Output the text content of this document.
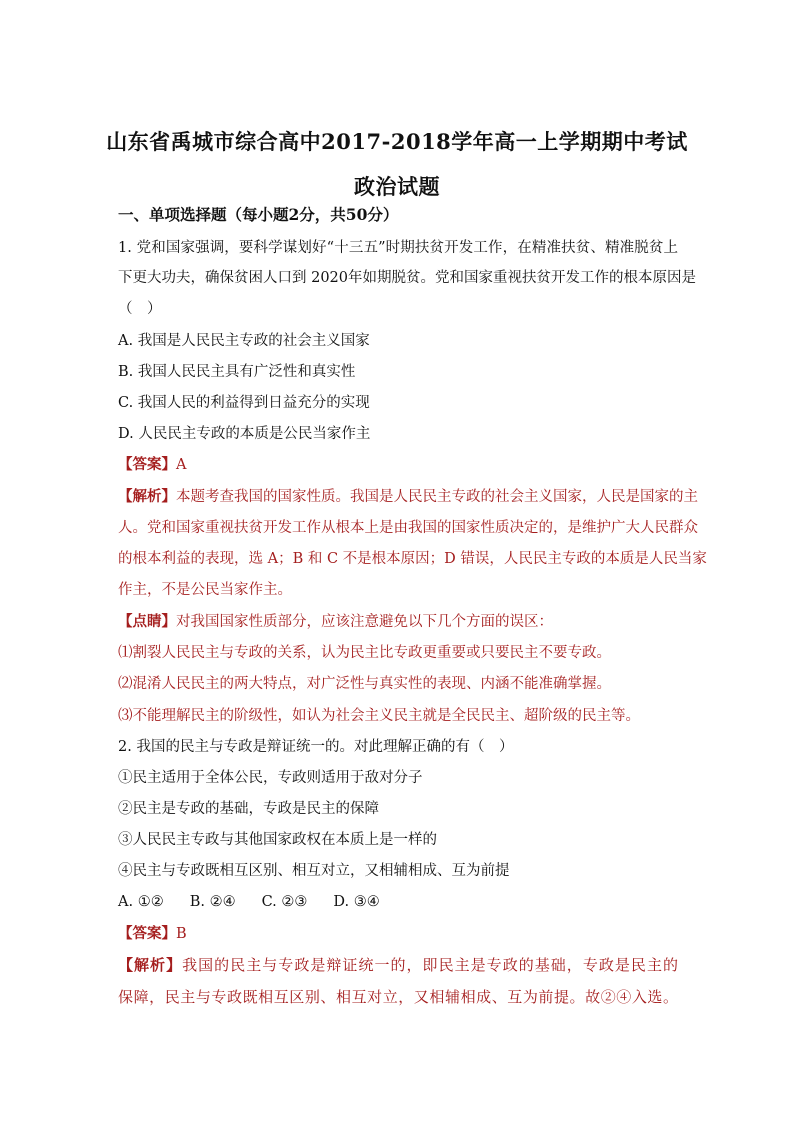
山东省禹城市综合高中2017-2018学年高一上学期期中考试
政治试题
一、单项选择题（每小题2分，共50分）
1. 党和国家强调，要科学谋划好“十三五”时期扶贫开发工作，在精准扶贫、精准脱贫上
下更大功夫，确保贫困人口到 2020年如期脱贫。党和国家重视扶贫开发工作的根本原因是
（　）
A. 我国是人民民主专政的社会主义国家
B. 我国人民民主具有广泛性和真实性
C. 我国人民的利益得到日益充分的实现
D. 人民民主专政的本质是公民当家作主
【答案】A
【解析】本题考查我国的国家性质。我国是人民民主专政的社会主义国家，人民是国家的主
人。党和国家重视扶贫开发工作从根本上是由我国的国家性质决定的，是维护广大人民群众
的根本利益的表现，选 A；B 和 C 不是根本原因；D 错误，人民民主专政的本质是人民当家
作主，不是公民当家作主。
【点睛】对我国国家性质部分，应该注意避免以下几个方面的误区：
⑴割裂人民民主与专政的关系，认为民主比专政更重要或只要民主不要专政。
⑵混淆人民民主的两大特点，对广泛性与真实性的表现、内涵不能准确掌握。
⑶不能理解民主的阶级性，如认为社会主义民主就是全民民主、超阶级的民主等。
2. 我国的民主与专政是辩证统一的。对此理解正确的有（　）
①民主适用于全体公民，专政则适用于敌对分子
②民主是专政的基础，专政是民主的保障
③人民民主专政与其他国家政权在本质上是一样的
④民主与专政既相互区别、相互对立，又相辅相成、互为前提
A. ①② B. ②④ C. ②③ D. ③④
【答案】B
【解析】我国的民主与专政是辩证统一的，即民主是专政的基础，专政是民主的
保障，民主与专政既相互区别、相互对立，又相辅相成、互为前提。故②④入选。
